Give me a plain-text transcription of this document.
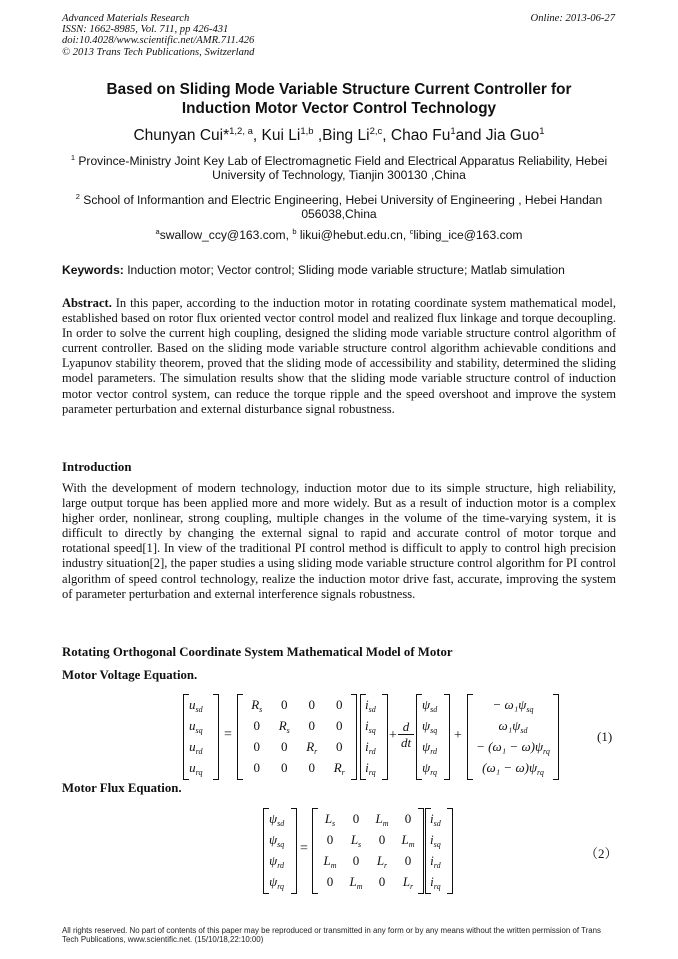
Advanced Materials Research
ISSN: 1662-8985, Vol. 711, pp 426-431
doi:10.4028/www.scientific.net/AMR.711.426
© 2013 Trans Tech Publications, Switzerland
Online: 2013-06-27
Based on Sliding Mode Variable Structure Current Controller for
Induction Motor Vector Control Technology
Chunyan Cui*$^{1,2, a}$, Kui Li$^{1,b}$ ,Bing Li$^{2,c}$, Chao Fu$^1$and Jia Guo$^1$
$^1$ Province-Ministry Joint Key Lab of Electromagnetic Field and Electrical Apparatus Reliability, Hebei
University of Technology, Tianjin 300130 ,China
$^2$ School of Informantion and Electric Engineering, Hebei University of Engineering , Hebei Handan
056038,China
$^a$swallow_ccy@163.com, $^b$ likui@hebut.edu.cn, $^c$libing_ice@163.com
Keywords: Induction motor; Vector control; Sliding mode variable structure; Matlab simulation
Abstract. In this paper, according to the induction motor in rotating coordinate system mathematical model, established based on rotor flux oriented vector control model and realized flux linkage and torque decoupling. In order to solve the current high coupling, designed the sliding mode variable structure control algorithm of current controller. Based on the sliding mode variable structure control algorithm achievable conditions and Lyapunov stability theorem, proved that the sliding mode of accessibility and stability, determined the sliding model parameters. The simulation results show that the sliding mode variable structure control of induction motor vector control system, can reduce the torque ripple and the speed overshoot and improve the system parameter perturbation and external disturbance signal robustness.
Introduction
With the development of modern technology, induction motor due to its simple structure, high reliability, large output torque has been applied more and more widely. But as a result of induction motor is a complex higher order, nonlinear, strong coupling, multiple changes in the volume of the time-varying system, it is difficult to directly by changing the external signal to rapid and accurate control of motor torque and rotational speed[1]. In view of the traditional PI control method is difficult to apply to control high precision industry situation[2], the paper studies a using sliding mode variable structure control algorithm for PI control algorithm of speed control technology, realize the induction motor drive fast, accurate, improving the system of parameter perturbation and external interference signals robustness.
Rotating Orthogonal Coordinate System Mathematical Model of Motor
Motor Voltage Equation.
$u_{sd}$
$u_{sq}$
$u_{rd}$
$u_{rq}$
=
$R_s$	0	0	0
0	$R_s$	0	0
0	0	$R_r$	0
0	0	0	$R_r$
$i_{sd}$
$i_{sq}$
$i_{rd}$
$i_{rq}$
+ $\frac{d}{dt}$
$\psi_{sd}$
$\psi_{sq}$
$\psi_{rd}$
$\psi_{rq}$
+
− $\omega_1\psi_{sq}$
$\omega_1\psi_{sd}$
− $(\omega_1 - \omega)\psi_{rq}$
$(\omega_1 - \omega)\psi_{rq}$
(1)
Motor Flux Equation.
$\psi_{sd}$
$\psi_{sq}$
$\psi_{rd}$
$\psi_{rq}$
=
$L_s$	0	$L_m$	0
0	$L_s$	0	$L_m$
$L_m$	0	$L_r$	0
0	$L_m$	0	$L_r$
$i_{sd}$
$i_{sq}$
$i_{rd}$
$i_{rq}$
（2）
All rights reserved. No part of contents of this paper may be reproduced or transmitted in any form or by any means without the written permission of Trans
Tech Publications, www.scientific.net. (15/10/18,22:10:00)
